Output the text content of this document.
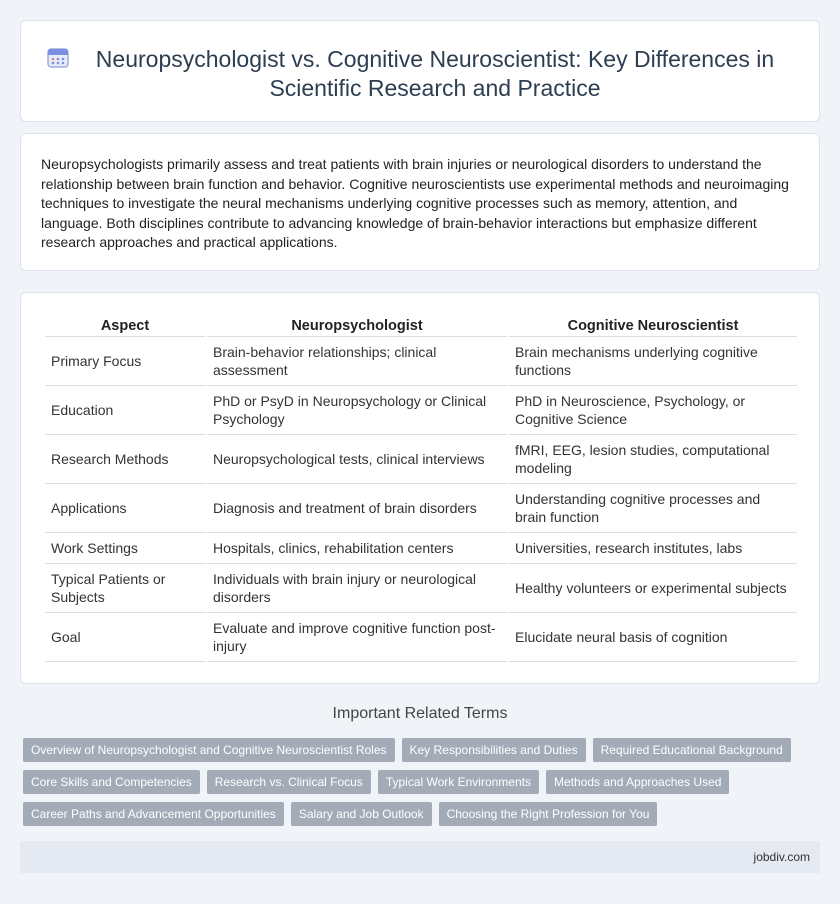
Neuropsychologist vs. Cognitive Neuroscientist: Key Differences in Scientific Research and Practice

Neuropsychologists primarily assess and treat patients with brain injuries or neurological disorders to understand the relationship between brain function and behavior. Cognitive neuroscientists use experimental methods and neuroimaging techniques to investigate the neural mechanisms underlying cognitive processes such as memory, attention, and language. Both disciplines contribute to advancing knowledge of brain-behavior interactions but emphasize different research approaches and practical applications.

Aspect	Neuropsychologist	Cognitive Neuroscientist
Primary Focus	Brain-behavior relationships; clinical assessment	Brain mechanisms underlying cognitive functions
Education	PhD or PsyD in Neuropsychology or Clinical Psychology	PhD in Neuroscience, Psychology, or Cognitive Science
Research Methods	Neuropsychological tests, clinical interviews	fMRI, EEG, lesion studies, computational modeling
Applications	Diagnosis and treatment of brain disorders	Understanding cognitive processes and brain function
Work Settings	Hospitals, clinics, rehabilitation centers	Universities, research institutes, labs
Typical Patients or Subjects	Individuals with brain injury or neurological disorders	Healthy volunteers or experimental subjects
Goal	Evaluate and improve cognitive function post-injury	Elucidate neural basis of cognition
Important Related Terms
Overview of Neuropsychologist and Cognitive Neuroscientist Roles	Key Responsibilities and Duties	Required Educational Background
Core Skills and Competencies	Research vs. Clinical Focus	Typical Work Environments	Methods and Approaches Used
Career Paths and Advancement Opportunities	Salary and Job Outlook	Choosing the Right Profession for You
jobdiv.com
